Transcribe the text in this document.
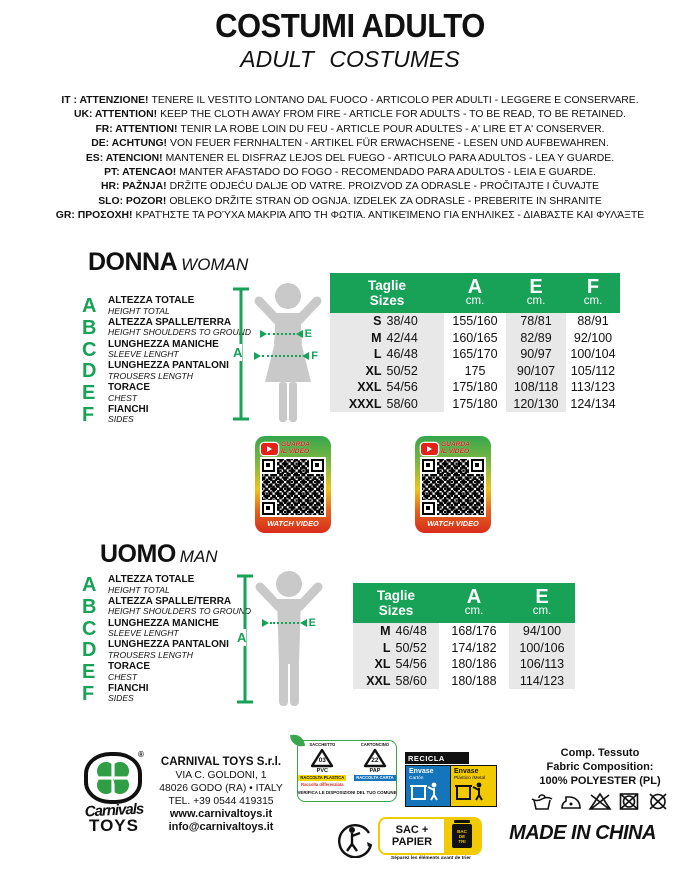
COSTUMI ADULTO
ADULT COSTUMES
IT : ATTENZIONE! TENERE IL VESTITO LONTANO DAL FUOCO - ARTICOLO PER ADULTI - LEGGERE E CONSERVARE.
UK: ATTENTION! KEEP THE CLOTH AWAY FROM FIRE - ARTICLE FOR ADULTS - TO BE READ, TO BE RETAINED.
FR: ATTENTION! TENIR LA ROBE LOIN DU FEU - ARTICLE POUR ADULTES - A' LIRE ET A' CONSERVER.
DE: ACHTUNG! VON FEUER FERNHALTEN - ARTIKEL FÜR ERWACHSENE - LESEN UND AUFBEWAHREN.
ES: ATENCION! MANTENER EL DISFRAZ LEJOS DEL FUEGO - ARTICULO PARA ADULTOS - LEA Y GUARDE.
PT: ATENCAO! MANTER AFASTADO DO FOGO - RECOMENDADO PARA ADULTOS - LEIA E GUARDE.
HR: PAŽNJA! DRŽITE ODJEĆU DALJE OD VATRE. PROIZVOD ZA ODRASLE - PROČITAJTE I ČUVAJTE
SLO: POZOR! OBLEKO DRŽITE STRAN OD OGNJA. IZDELEK ZA ODRASLE - PREBERITE IN SHRANITE
GR: ΠΡΟΣΟΧΗ! ΚΡΑΤΉΣΤΕ ΤΑ ΡΟΎΧΑ ΜΑΚΡΙΆ ΑΠΌ ΤΗ ΦΩΤΙΆ. ΑΝΤΙΚΕΊΜΕΝΟ ΓΙΑ ΕΝΉΛΙΚΕΣ - ΔΙΑΒΆΣΤΕ ΚΑΙ ΦΥΛΆΞΤΕ
DONNA WOMAN
A	ALTEZZA TOTALE
HEIGHT TOTAL
B	ALTEZZA SPALLE/TERRA
HEIGHT SHOULDERS TO GROUND
C	LUNGHEZZA MANICHE
SLEEVE LENGHT
D	LUNGHEZZA PANTALONI
TROUSERS LENGTH
E	TORACE
CHEST
F	FIANCHI
SIDES
A
E
F
Taglie
Sizes
A
cm.
E
cm.
F
cm.
S 38/40	155/160 78/81 88/91
M 42/44	160/165 82/89 92/100
L 46/48	165/170 90/97 100/104
XL 50/52	175	90/107 105/112
XXL 54/56	175/180 108/118 113/123
XXXL 58/60	175/180 120/130 124/134
GUARDA
IL VIDEO
WATCH VIDEO
GUARDA
IL VIDEO
WATCH VIDEO
UOMO MAN
A	ALTEZZA TOTALE
HEIGHT TOTAL
B	ALTEZZA SPALLE/TERRA
HEIGHT SHOULDERS TO GROUND
C	LUNGHEZZA MANICHE
SLEEVE LENGHT
D	LUNGHEZZA PANTALONI
TROUSERS LENGTH
E	TORACE
CHEST
F	FIANCHI
SIDES
A
E
Taglie
Sizes
A
cm.
E
cm.
M 46/48	168/176 94/100
L 50/52	174/182 100/106
XL 54/56	180/186 106/113
XXL 58/60	180/188 114/123
®
Carnivals
TOYS
CARNIVAL TOYS S.r.l.
VIA C. GOLDONI, 1
48026 GODO (RA) • ITALY
TEL. +39 0544 419315
www.carnivaltoys.it
info@carnivaltoys.it
SACCHETTO
03
PVC
RACCOLTA PLASTICA
Raccolta differenziata
CARTONCINO
22
PAP
RACCOLTA CARTA
VERIFICA LE DISPOSIZIONI DEL TUO COMUNE
RECICLA
Envase
Cartón
Envase
Plástico /Metal
Comp. Tessuto
Fabric Composition:
100% POLYESTER (PL)
SAC +
PAPIER
BAC
DE
TRI
Séparez les éléments avant de trier
MADE IN CHINA
